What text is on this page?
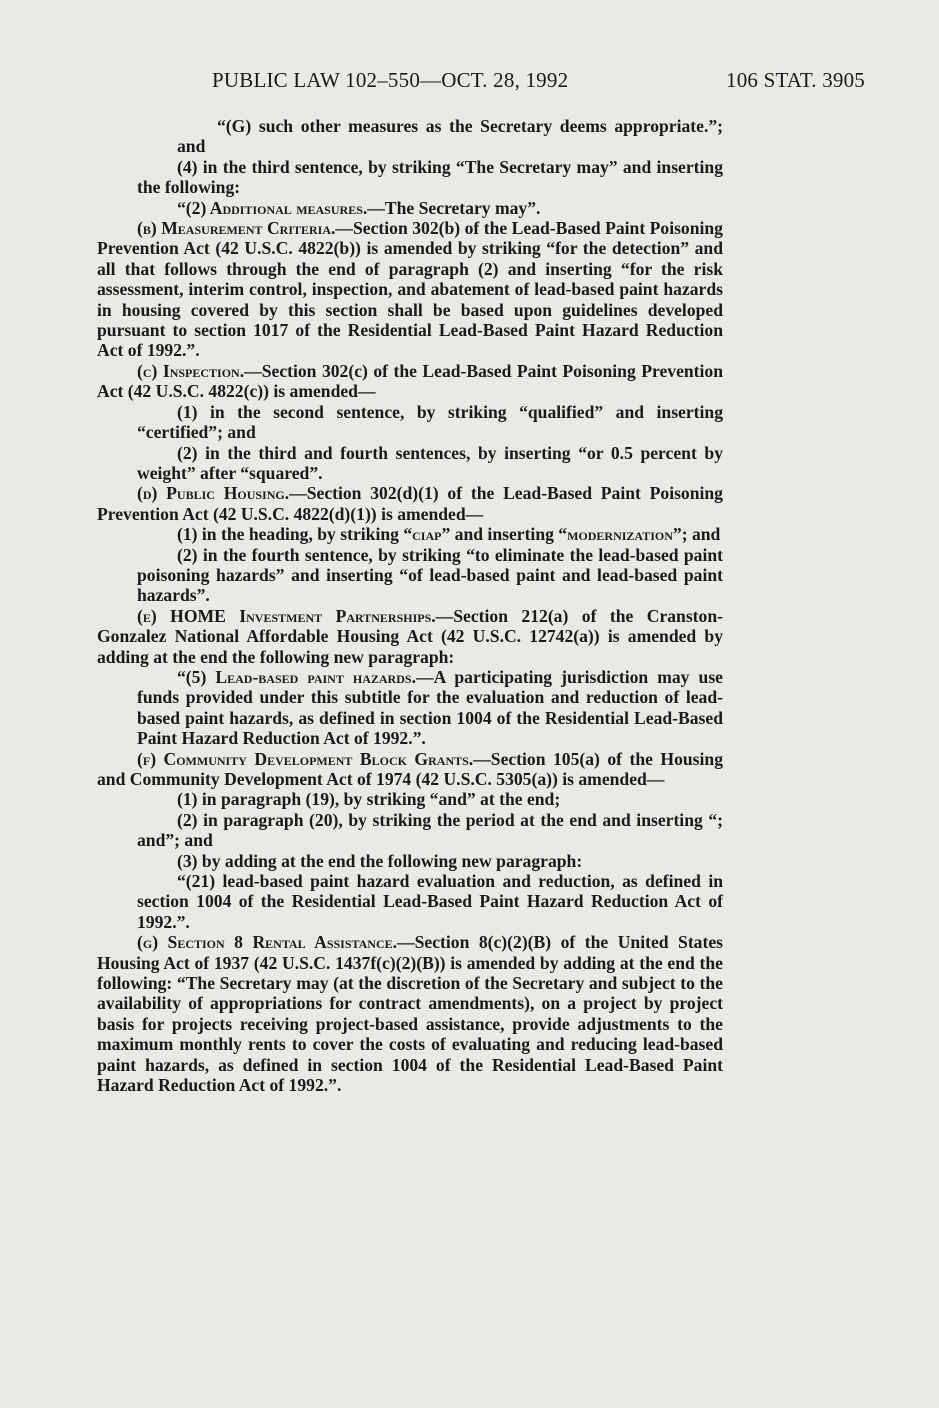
PUBLIC LAW 102–550—OCT. 28, 1992	106 STAT. 3905

“(G) such other measures as the Secretary deems appropriate.”; and

(4) in the third sentence, by striking “The Secretary may” and inserting the following:

“(2) Additional measures.—The Secretary may”.

(b) Measurement Criteria.—Section 302(b) of the Lead-Based Paint Poisoning Prevention Act (42 U.S.C. 4822(b)) is amended by striking “for the detection” and all that follows through the end of paragraph (2) and inserting “for the risk assessment, interim control, inspection, and abatement of lead-based paint hazards in housing covered by this section shall be based upon guidelines developed pursuant to section 1017 of the Residential Lead-Based Paint Hazard Reduction Act of 1992.”.

(c) Inspection.—Section 302(c) of the Lead-Based Paint Poisoning Prevention Act (42 U.S.C. 4822(c)) is amended—

(1) in the second sentence, by striking “qualified” and inserting “certified”; and

(2) in the third and fourth sentences, by inserting “or 0.5 percent by weight” after “squared”.

(d) Public Housing.—Section 302(d)(1) of the Lead-Based Paint Poisoning Prevention Act (42 U.S.C. 4822(d)(1)) is amended—

(1) in the heading, by striking “ciap” and inserting “modernization”; and

(2) in the fourth sentence, by striking “to eliminate the lead-based paint poisoning hazards” and inserting “of lead-based paint and lead-based paint hazards”.

(e) HOME Investment Partnerships.—Section 212(a) of the Cranston-Gonzalez National Affordable Housing Act (42 U.S.C. 12742(a)) is amended by adding at the end the following new paragraph:

“(5) Lead-based paint hazards.—A participating jurisdiction may use funds provided under this subtitle for the evaluation and reduction of lead-based paint hazards, as defined in section 1004 of the Residential Lead-Based Paint Hazard Reduction Act of 1992.”.

(f) Community Development Block Grants.—Section 105(a) of the Housing and Community Development Act of 1974 (42 U.S.C. 5305(a)) is amended—

(1) in paragraph (19), by striking “and” at the end;

(2) in paragraph (20), by striking the period at the end and inserting “; and”; and

(3) by adding at the end the following new paragraph:

“(21) lead-based paint hazard evaluation and reduction, as defined in section 1004 of the Residential Lead-Based Paint Hazard Reduction Act of 1992.”.

(g) Section 8 Rental Assistance.—Section 8(c)(2)(B) of the United States Housing Act of 1937 (42 U.S.C. 1437f(c)(2)(B)) is amended by adding at the end the following: “The Secretary may (at the discretion of the Secretary and subject to the availability of appropriations for contract amendments), on a project by project basis for projects receiving project-based assistance, provide adjustments to the maximum monthly rents to cover the costs of evaluating and reducing lead-based paint hazards, as defined in section 1004 of the Residential Lead-Based Paint Hazard Reduction Act of 1992.”.
